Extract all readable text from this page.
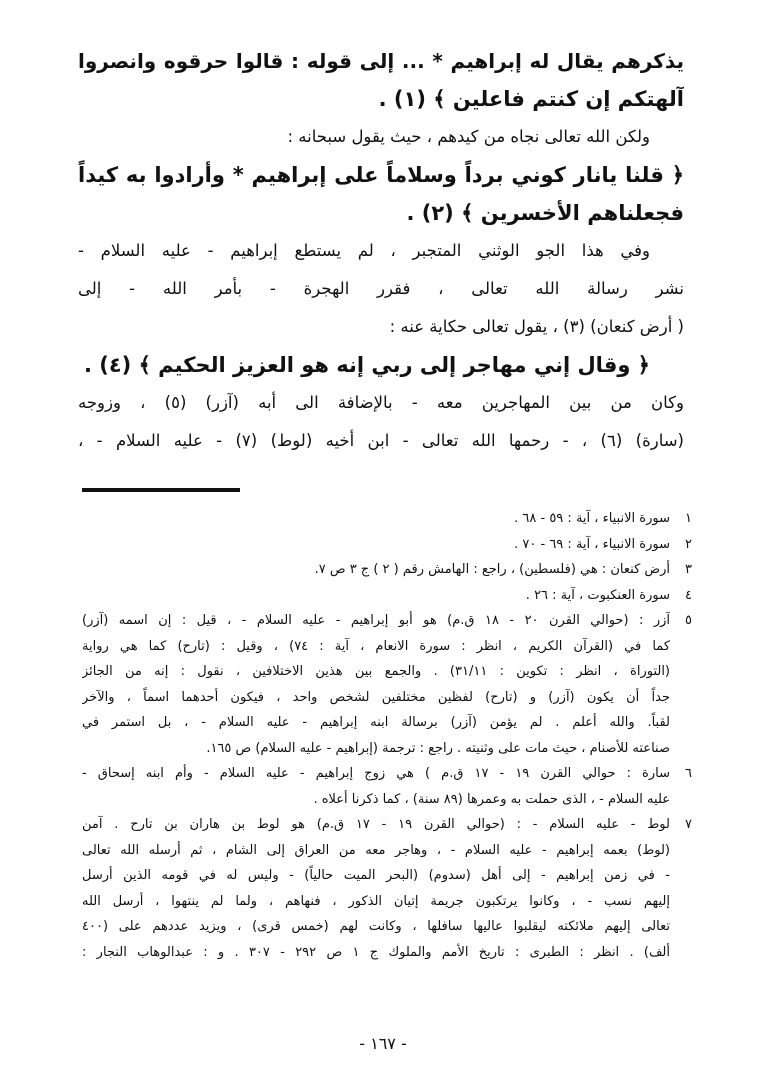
يذكرهم يقال له إبراهيم * ... إلى قوله : قالوا حرقوه وانصروا
آلهتكم إن كنتم فاعلين ﴾ (١) .
ولكن الله تعالى نجاه من كيدهم ، حيث يقول سبحانه :
﴿ قلنا يانار كوني برداً وسلاماً على إبراهيم * وأرادوا به كيداً
فجعلناهم الأخسرين ﴾ (٢) .
وفي هذا الجو الوثني المتجبر ، لم يستطع إبراهيم - عليه السلام -
نشر رسالة الله تعالى ، فقرر الهجرة - بأمر الله - إلى
( أرض كنعان) (٣) ، يقول تعالى حكاية عنه :
﴿ وقال إني مهاجر إلى ربي إنه هو العزيز الحكيم ﴾ (٤) .
وكان من بين المهاجرين معه - بالإضافة الى أبه (آزر) (٥) ، وزوجه
(سارة) (٦) ، - رحمها الله تعالى - ابن أخيه (لوط) (٧) - عليه السلام - ،
١
سورة الانبياء ، آية : ٥٩ - ٦٨ .
٢
سورة الانبياء ، آية : ٦٩ - ٧٠ .
٣
أرض كنعان : هي (فلسطين) ، راجع : الهامش رقم ( ٢ ) ج ٣ ص ٧.
٤
سورة العنكبوت ، آية : ٢٦ .
٥
آزر : (حوالي القرن ٢٠ - ١٨ ق.م) هو أبو إبراهيم - عليه السلام - ، قيل : إن اسمه (آزر)
كما في (القرآن الكريم ، انظر : سورة الانعام ، آية : ٧٤) ، وقيل : (تارح) كما هي رواية
(التوراة ، انظر : تكوين : ٣١/١١) . والجمع بين هذين الاختلافين ، نقول : إنه من الجائز
جداً أن يكون (آزر) و (تارح) لفظين مختلفين لشخص واحد ، فيكون أحدهما اسماً ، والآخر
لقباً. والله أعلم . لم يؤمن (آزر) برسالة ابنه إبراهيم - عليه السلام - ، بل استمر في
صناعته للأصنام ، حيث مات على وثنيته . راجع : ترجمة (إبراهيم - عليه السلام) ص ١٦٥.
٦
سارة : حوالي القرن ١٩ - ١٧ ق.م ) هي زوج إبراهيم - عليه السلام - وأم ابنه إسحاق -
عليه السلام - ، الذى حملت به وعمرها (٨٩ سنة) ، كما ذكرنا أعلاه .
٧
لوط - عليه السلام - : (حوالي القرن ١٩ - ١٧ ق.م) هو لوط بن هاران بن تارح . آمن
(لوط) بعمه إبراهيم - عليه السلام - ، وهاجر معه من العراق إلى الشام ، ثم أرسله الله تعالى
- في زمن إبراهيم - إلى أهل (سدوم) (البحر الميت حالياً) - وليس له في قومه الذين أرسل
إليهم نسب - ، وكانوا يرتكبون جريمة إتيان الذكور ، فنهاهم ، ولما لم ينتهوا ، أرسل الله
تعالى إليهم ملائكته ليقلبوا عاليها سافلها ، وكانت لهم (خمس قرى) ، ويزيد عددهم على (٤٠٠
ألف) . انظر : الطبرى : تاريخ الأمم والملوك ج ١ ص ٢٩٢ - ٣٠٧ . و : عبدالوهاب النجار :
- ١٦٧ -
